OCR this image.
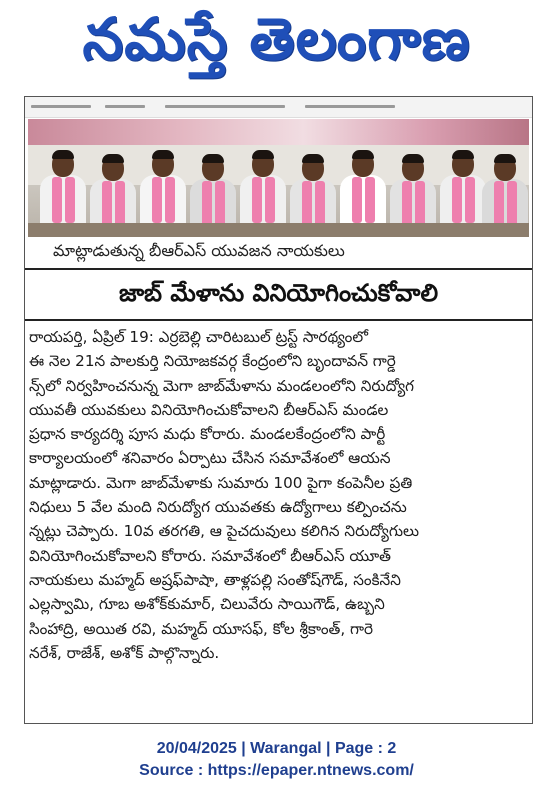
నమస్తే తెలంగాణ
మాట్లాడుతున్న బీఆర్ఎస్ యువజన నాయకులు
జాబ్ మేళాను వినియోగించుకోవాలి
రాయపర్తి, ఏప్రిల్ 19: ఎర్రబెల్లి చారిటబుల్ ట్రస్ట్ సారథ్యంలో
ఈ నెల 21న పాలకుర్తి నియోజకవర్గ కేంద్రంలోని బృందావన్ గార్డె
న్స్‌లో నిర్వహించనున్న మెగా జాబ్‌మేళాను మండలంలోని నిరుద్యోగ
యువతీ యువకులు వినియోగించుకోవాలని బీఆర్ఎస్ మండల
ప్రధాన కార్యదర్శి పూస మధు కోరారు. మండలకేంద్రంలోని పార్టీ
కార్యాలయంలో శనివారం ఏర్పాటు చేసిన సమావేశంలో ఆయన
మాట్లాడారు. మెగా జాబ్‌మేళాకు సుమారు 100 పైగా కంపెనీల ప్రతి
నిధులు 5 వేల మంది నిరుద్యోగ యువతకు ఉద్యోగాలు కల్పించను
న్నట్లు చెప్పారు. 10వ తరగతి, ఆ పైచదువులు కలిగిన నిరుద్యోగులు
వినియోగించుకోవాలని కోరారు. సమావేశంలో బీఆర్ఎస్ యూత్
నాయకులు మహ్మద్ అష్రఫ్‌పాషా, తాళ్లపల్లి సంతోష్‌గౌడ్, సంకినేని
ఎల్లస్వామి, గూబ అశోక్‌కుమార్, చిలువేరు సాయిగౌడ్, ఉబ్బని
సింహాద్రి, అయిత రవి, మహ్మద్ యూసఫ్, కోల శ్రీకాంత్, గారె
నరేశ్, రాజేశ్, అశోక్ పాల్గొన్నారు.
20/04/2025 | Warangal | Page : 2
Source : https://epaper.ntnews.com/
